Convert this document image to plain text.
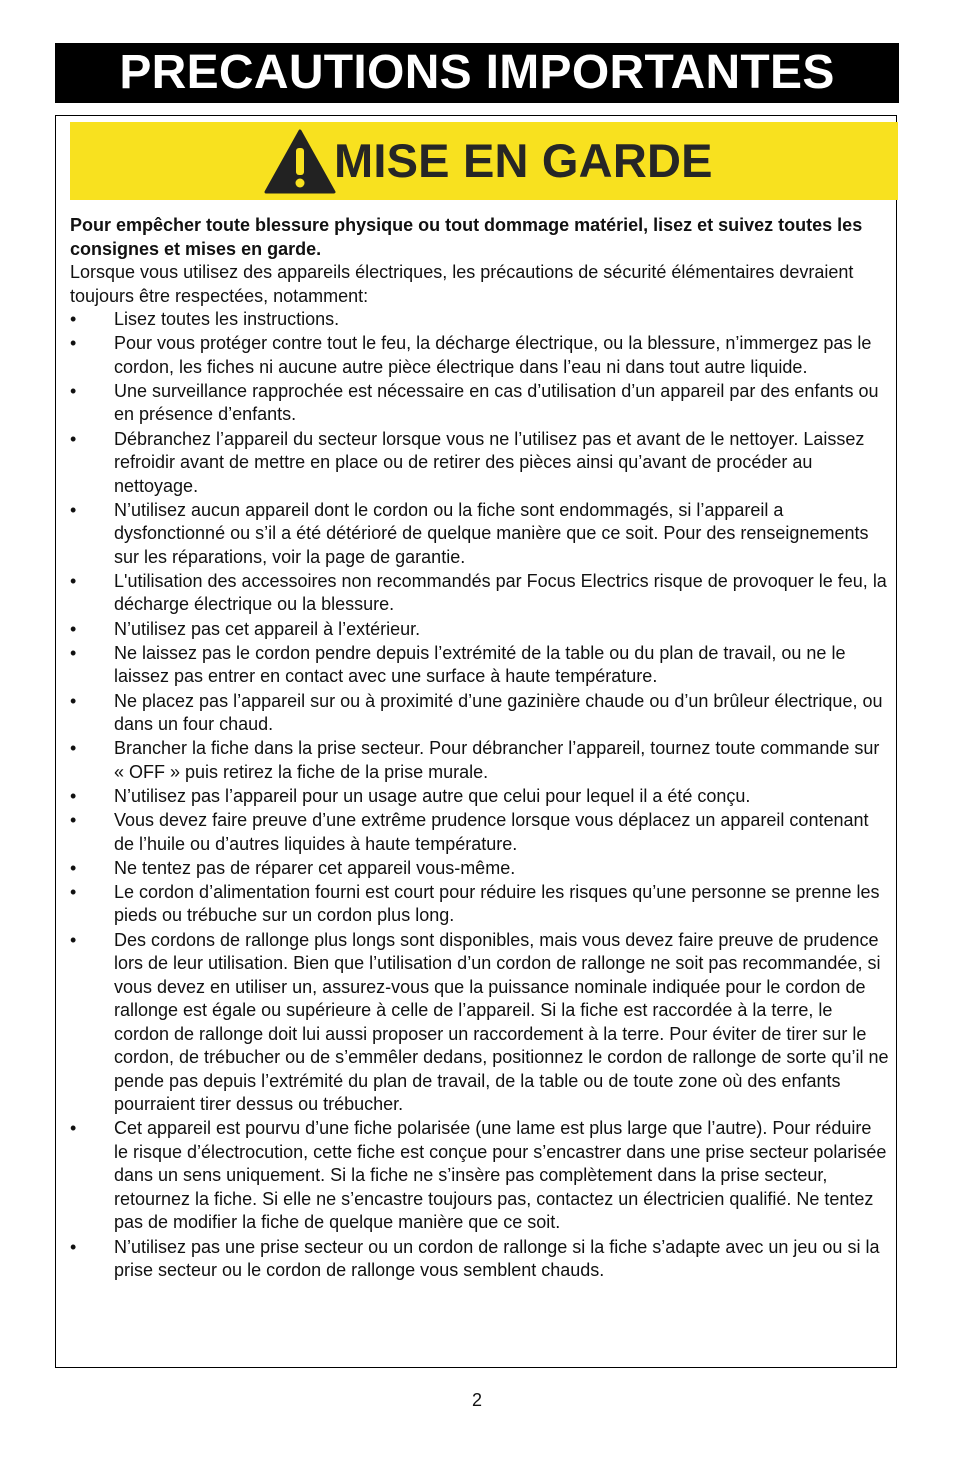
PRECAUTIONS IMPORTANTES
MISE EN GARDE
Pour empêcher toute blessure physique ou tout dommage matériel, lisez et suivez toutes les consignes et mises en garde.

Lorsque vous utilisez des appareils électriques, les précautions de sécurité élémentaires devraient toujours être respectées, notamment:

• Lisez toutes les instructions.
• Pour vous protéger contre tout le feu, la décharge électrique, ou la blessure, n’immergez pas le cordon, les fiches ni aucune autre pièce électrique dans l’eau ni dans tout autre liquide.
• Une surveillance rapprochée est nécessaire en cas d’utilisation d’un appareil par des enfants ou en présence d’enfants.
• Débranchez l’appareil du secteur lorsque vous ne l’utilisez pas et avant de le nettoyer. Laissez refroidir avant de mettre en place ou de retirer des pièces ainsi qu’avant de procéder au nettoyage.
• N’utilisez aucun appareil dont le cordon ou la fiche sont endommagés, si l’appareil a dysfonctionné ou s’il a été détérioré de quelque manière que ce soit. Pour des renseignements sur les réparations, voir la page de garantie.
• L'utilisation des accessoires non recommandés par Focus Electrics risque de provoquer le feu, la décharge électrique ou la blessure.
• N’utilisez pas cet appareil à l’extérieur.
• Ne laissez pas le cordon pendre depuis l’extrémité de la table ou du plan de travail, ou ne le laissez pas entrer en contact avec une surface à haute température.
• Ne placez pas l’appareil sur ou à proximité d’une gazinière chaude ou d’un brûleur électrique, ou dans un four chaud.
• Brancher la fiche dans la prise secteur. Pour débrancher l’appareil, tournez toute commande sur « OFF » puis retirez la fiche de la prise murale.
• N’utilisez pas l’appareil pour un usage autre que celui pour lequel il a été conçu.
• Vous devez faire preuve d’une extrême prudence lorsque vous déplacez un appareil contenant de l’huile ou d’autres liquides à haute température.
• Ne tentez pas de réparer cet appareil vous-même.
• Le cordon d’alimentation fourni est court pour réduire les risques qu’une personne se prenne les pieds ou trébuche sur un cordon plus long.
• Des cordons de rallonge plus longs sont disponibles, mais vous devez faire preuve de prudence lors de leur utilisation. Bien que l’utilisation d’un cordon de rallonge ne soit pas recommandée, si vous devez en utiliser un, assurez-vous que la puissance nominale indiquée pour le cordon de rallonge est égale ou supérieure à celle de l’appareil. Si la fiche est raccordée à la terre, le cordon de rallonge doit lui aussi proposer un raccordement à la terre. Pour éviter de tirer sur le cordon, de trébucher ou de s’emmêler dedans, positionnez le cordon de rallonge de sorte qu’il ne pende pas depuis l’extrémité du plan de travail, de la table ou de toute zone où des enfants pourraient tirer dessus ou trébucher.
• Cet appareil est pourvu d’une fiche polarisée (une lame est plus large que l’autre). Pour réduire le risque d’électrocution, cette fiche est conçue pour s’encastrer dans une prise secteur polarisée dans un sens uniquement. Si la fiche ne s’insère pas complètement dans la prise secteur, retournez la fiche. Si elle ne s’encastre toujours pas, contactez un électricien qualifié. Ne tentez pas de modifier la fiche de quelque manière que ce soit.
• N’utilisez pas une prise secteur ou un cordon de rallonge si la fiche s’adapte avec un jeu ou si la prise secteur ou le cordon de rallonge vous semblent chauds.
2
